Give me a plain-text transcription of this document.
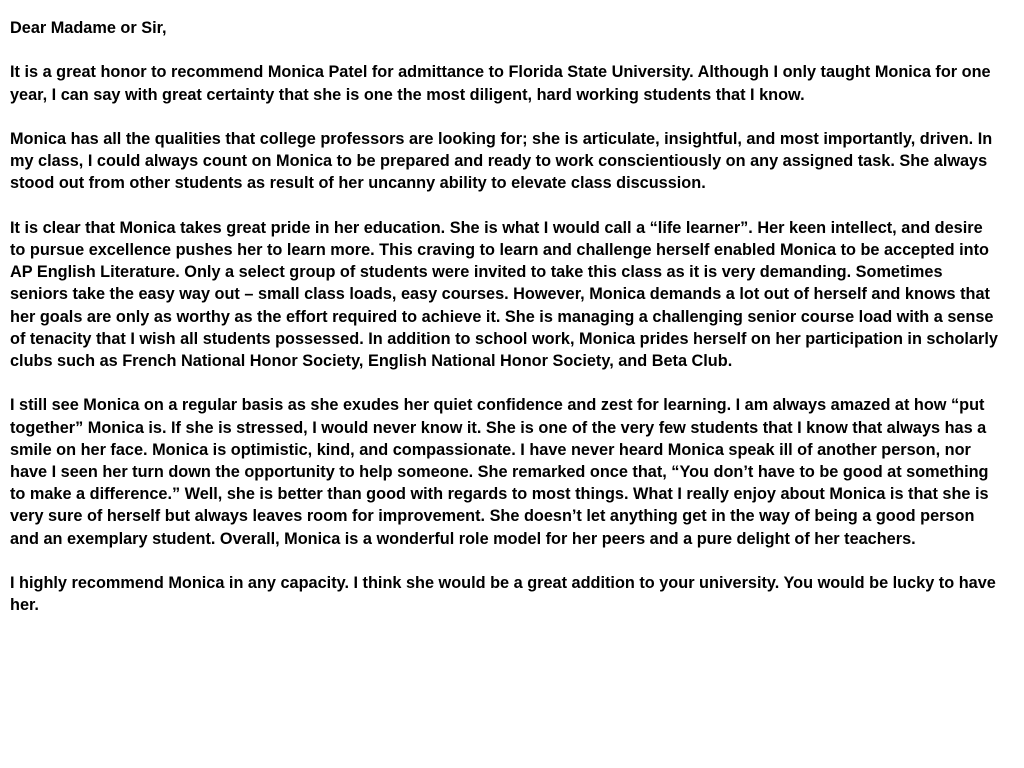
Dear Madame or Sir,

It is a great honor to recommend Monica Patel for admittance to Florida State University. Although I only taught Monica for one year, I can say with great certainty that she is one the most diligent, hard working students that I know.

Monica has all the qualities that college professors are looking for; she is articulate, insightful, and most importantly, driven. In my class, I could always count on Monica to be prepared and ready to work conscientiously on any assigned task. She always stood out from other students as result of her uncanny ability to elevate class discussion.

It is clear that Monica takes great pride in her education. She is what I would call a “life learner”. Her keen intellect, and desire to pursue excellence pushes her to learn more. This craving to learn and challenge herself enabled Monica to be accepted into AP English Literature. Only a select group of students were invited to take this class as it is very demanding. Sometimes seniors take the easy way out – small class loads, easy courses. However, Monica demands a lot out of herself and knows that her goals are only as worthy as the effort required to achieve it. She is managing a challenging senior course load with a sense of tenacity that I wish all students possessed. In addition to school work, Monica prides herself on her participation in scholarly clubs such as French National Honor Society, English National Honor Society, and Beta Club.

I still see Monica on a regular basis as she exudes her quiet confidence and zest for learning. I am always amazed at how “put together” Monica is. If she is stressed, I would never know it. She is one of the very few students that I know that always has a smile on her face. Monica is optimistic, kind, and compassionate. I have never heard Monica speak ill of another person, nor have I seen her turn down the opportunity to help someone. She remarked once that, “You don’t have to be good at something to make a difference.” Well, she is better than good with regards to most things. What I really enjoy about Monica is that she is very sure of herself but always leaves room for improvement. She doesn’t let anything get in the way of being a good person and an exemplary student. Overall, Monica is a wonderful role model for her peers and a pure delight of her teachers.

I highly recommend Monica in any capacity. I think she would be a great addition to your university. You would be lucky to have her.
